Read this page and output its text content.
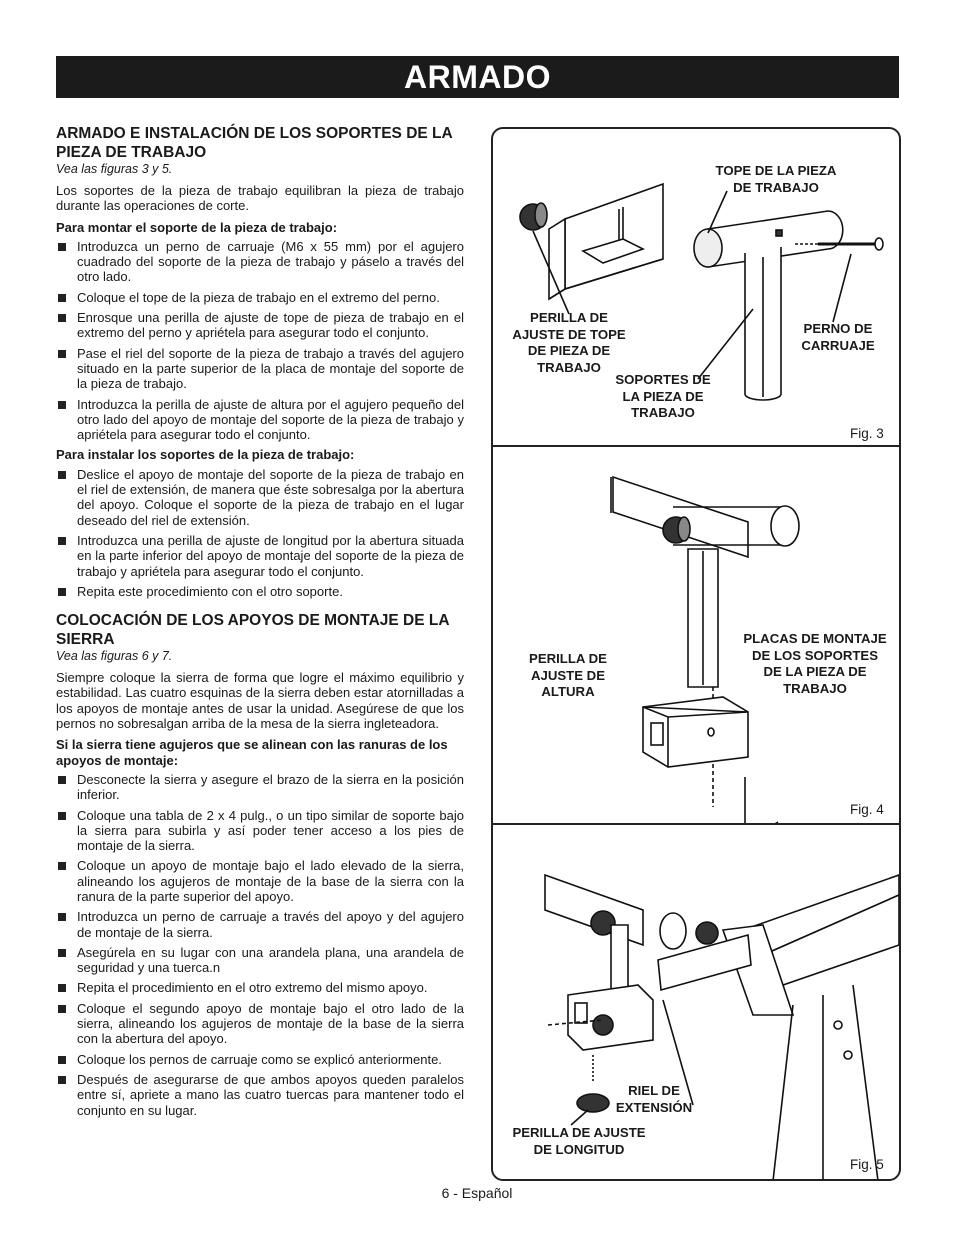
ARMADO

ARMADO E INSTALACIÓN DE LOS SOPORTES DE LA PIEZA DE TRABAJO

Vea las figuras 3 y 5.

Los soportes de la pieza de trabajo equilibran la pieza de trabajo durante las operaciones de corte.

Para montar el soporte de la pieza de trabajo:

Introduzca un perno de carruaje (M6 x 55 mm) por el agujero cuadrado del soporte de la pieza de trabajo y páselo a través del otro lado.
Coloque el tope de la pieza de trabajo en el extremo del perno.
Enrosque una perilla de ajuste de tope de pieza de trabajo en el extremo del perno y apriétela para asegurar todo el conjunto.
Pase el riel del soporte de la pieza de trabajo a través del agujero situado en la parte superior de la placa de montaje del soporte de la pieza de trabajo.
Introduzca la perilla de ajuste de altura por el agujero pequeño del otro lado del apoyo de montaje del soporte de la pieza de trabajo y apriétela para asegurar todo el conjunto.

Para instalar los soportes de la pieza de trabajo:

Deslice el apoyo de montaje del soporte de la pieza de trabajo en el riel de extensión, de manera que éste sobresalga por la abertura del apoyo. Coloque el soporte de la pieza de trabajo en el lugar deseado del riel de extensión.
Introduzca una perilla de ajuste de longitud por la abertura situada en la parte inferior del apoyo de montaje del soporte de la pieza de trabajo y apriétela para asegurar todo el conjunto.
Repita este procedimiento con el otro soporte.

COLOCACIÓN DE LOS APOYOS DE MONTAJE DE LA SIERRA

Vea las figuras 6 y 7.

Siempre coloque la sierra de forma que logre el máximo equilibrio y estabilidad. Las cuatro esquinas de la sierra deben estar atornilladas a los apoyos de montaje antes de usar la unidad. Asegúrese de que los pernos no sobresalgan arriba de la mesa de la sierra ingleteadora.

Si la sierra tiene agujeros que se alinean con las ranuras de los apoyos de montaje:

Desconecte la sierra y asegure el brazo de la sierra en la posición inferior.
Coloque una tabla de 2 x 4 pulg., o un tipo similar de soporte bajo la sierra para subirla y así poder tener acceso a los pies de montaje de la sierra.
Coloque un apoyo de montaje bajo el lado elevado de la sierra, alineando los agujeros de montaje de la base de la sierra con la ranura de la parte superior del apoyo.
Introduzca un perno de carruaje a través del apoyo y del agujero de montaje de la sierra.
Asegúrela en su lugar con una arandela plana, una arandela de seguridad y una tuerca.n
Repita el procedimiento en el otro extremo del mismo apoyo.
Coloque el segundo apoyo de montaje bajo el otro lado de la sierra, alineando los agujeros de montaje de la base de la sierra con la abertura del apoyo.
Coloque los pernos de carruaje como se explicó anteriormente.
Después de asegurarse de que ambos apoyos queden paralelos entre sí, apriete a mano las cuatro tuercas para mantener todo el conjunto en su lugar.
TOPE DE LA PIEZA DE TRABAJO
PERILLA DE AJUSTE DE TOPE DE PIEZA DE TRABAJO
PERNO DE CARRUAJE
SOPORTES DE LA PIEZA DE TRABAJO
Fig. 3
PERILLA DE AJUSTE DE ALTURA
PLACAS DE MONTAJE DE LOS SOPORTES DE LA PIEZA DE TRABAJO
Fig. 4
RIEL DE EXTENSIÓN
PERILLA DE AJUSTE DE LONGITUD
Fig. 5
6 - Español
